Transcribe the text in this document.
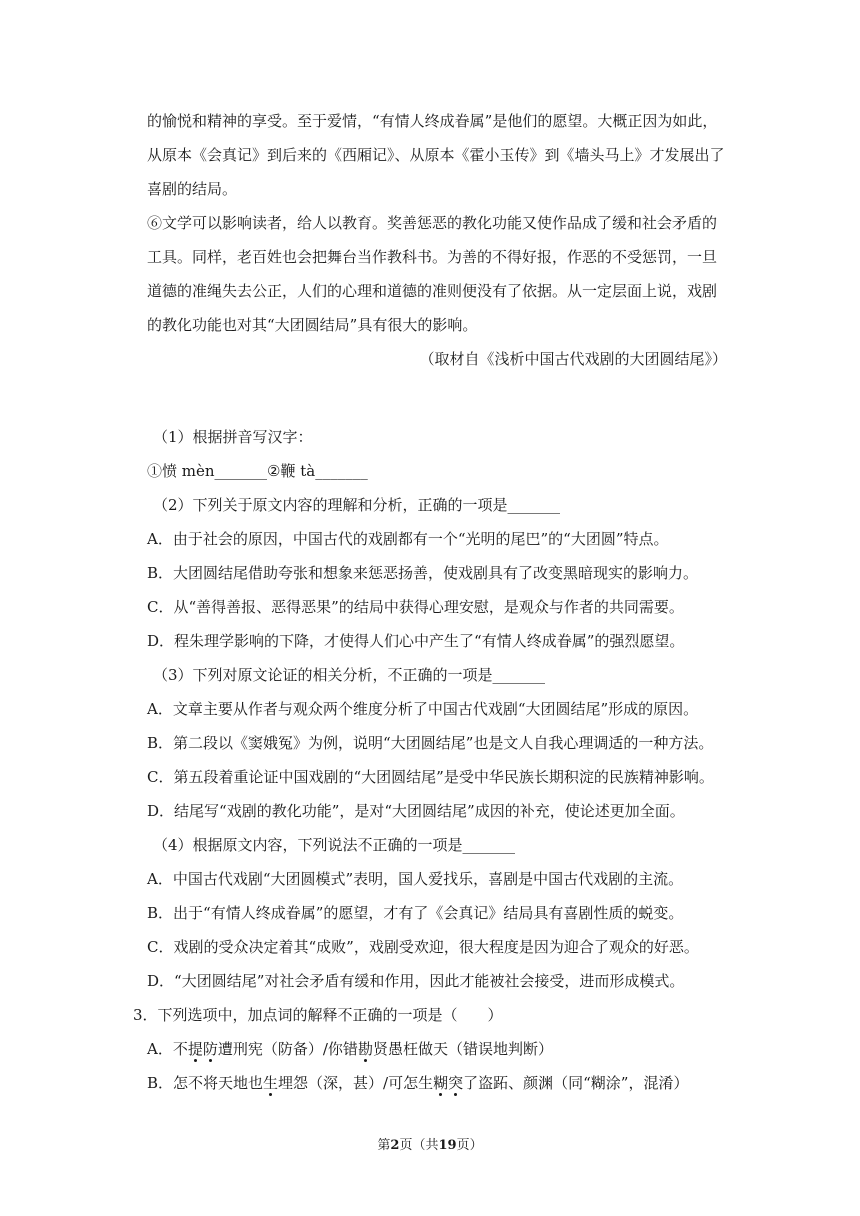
的愉悦和精神的享受。至于爱情，“有情人终成眷属”是他们的愿望。大概正因为如此，从原本《会真记》到后来的《西厢记》、从原本《霍小玉传》到《墙头马上》才发展出了喜剧的结局。

⑥文学可以影响读者，给人以教育。奖善惩恶的教化功能又使作品成了缓和社会矛盾的工具。同样，老百姓也会把舞台当作教科书。为善的不得好报，作恶的不受惩罚，一旦道德的准绳失去公正，人们的心理和道德的准则便没有了依据。从一定层面上说，戏剧的教化功能也对其“大团圆结局”具有很大的影响。

（取材自《浅析中国古代戏剧的大团圆结尾》）

（1）根据拼音写汉字：

①愤 mèn_______②鞭 tà_______

（2）下列关于原文内容的理解和分析，正确的一项是_______

A．由于社会的原因，中国古代的戏剧都有一个“光明的尾巴”的“大团圆”特点。

B．大团圆结尾借助夸张和想象来惩恶扬善，使戏剧具有了改变黑暗现实的影响力。

C．从“善得善报、恶得恶果”的结局中获得心理安慰，是观众与作者的共同需要。

D．程朱理学影响的下降，才使得人们心中产生了“有情人终成眷属”的强烈愿望。

（3）下列对原文论证的相关分析，不正确的一项是_______

A．文章主要从作者与观众两个维度分析了中国古代戏剧“大团圆结尾”形成的原因。

B．第二段以《窦娥冤》为例，说明“大团圆结尾”也是文人自我心理调适的一种方法。

C．第五段着重论证中国戏剧的“大团圆结尾”是受中华民族长期积淀的民族精神影响。

D．结尾写“戏剧的教化功能”，是对“大团圆结尾”成因的补充，使论述更加全面。

（4）根据原文内容，下列说法不正确的一项是_______

A．中国古代戏剧“大团圆模式”表明，国人爱找乐，喜剧是中国古代戏剧的主流。

B．出于“有情人终成眷属”的愿望，才有了《会真记》结局具有喜剧性质的蜕变。

C．戏剧的受众决定着其“成败”，戏剧受欢迎，很大程度是因为迎合了观众的好恶。

D．“大团圆结尾”对社会矛盾有缓和作用，因此才能被社会接受，进而形成模式。

3．下列选项中，加点词的解释不正确的一项是（　　）

A．不提防遭刑宪（防备）/你错勘贤愚枉做天（错误地判断）

B．怎不将天地也生埋怨（深，甚）/可怎生糊突了盗跖、颜渊（同“糊涂”，混淆）

第2页（共19页）
